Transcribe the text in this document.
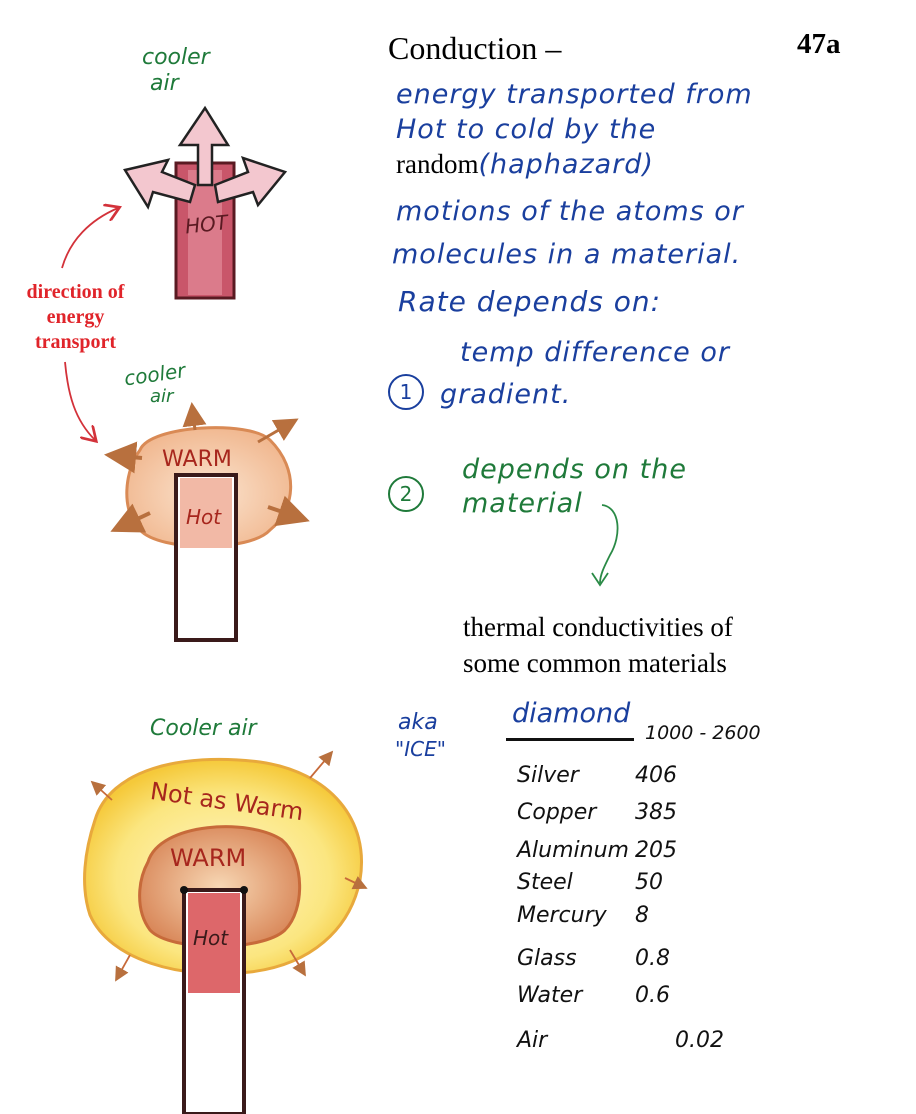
HOT
cooler
air
WARM
Hot
cooler
air
Hot
WARM
Not as Warm
Cooler air
direction of
energy
transport
47a
Conduction –
energy transported from
Hot to cold by the
random(haphazard)
motions of the atoms or
molecules in a material.
Rate depends on:
1
temp difference or
gradient.
2
depends on the
material
thermal conductivities of
some common materials
aka
"ICE"
diamond
1000 - 2600
Silver	406
Copper 385
Aluminum 205
Steel	50
Mercury 8
Glass	0.8
Water 0.6
Air	0.02
